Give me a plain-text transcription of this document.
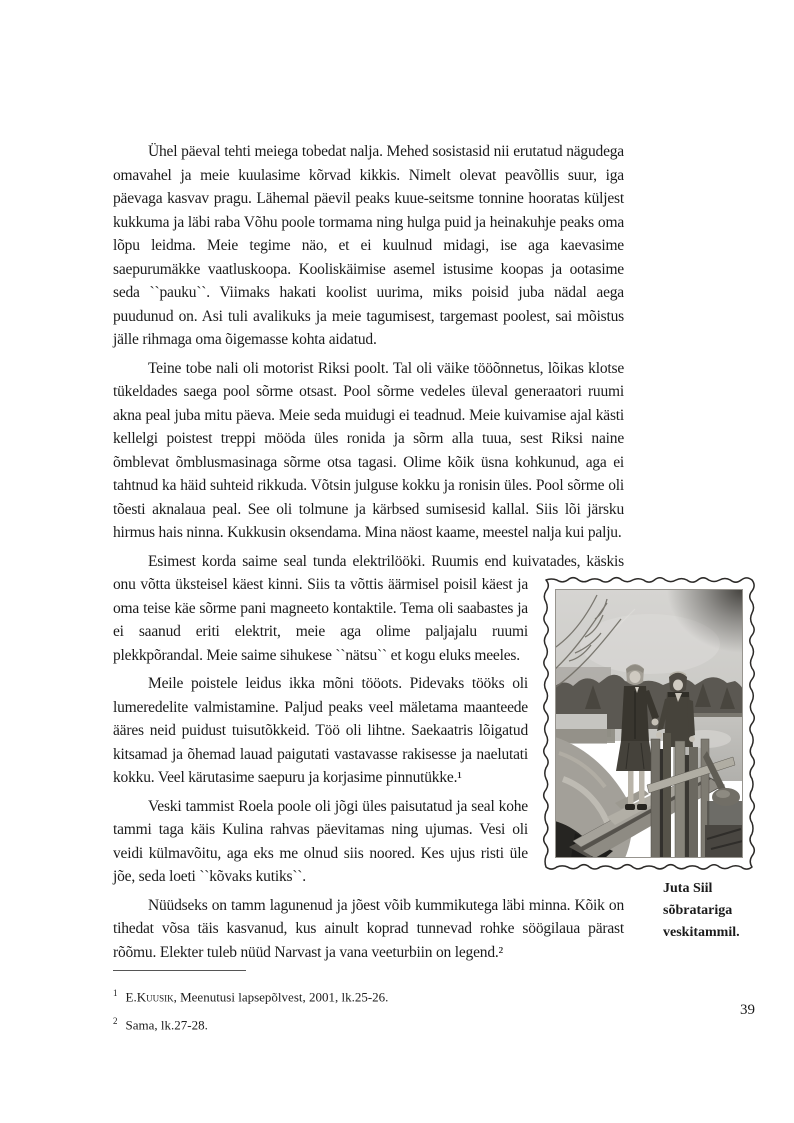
Ühel päeval tehti meiega tobedat nalja. Mehed sosistasid nii erutatud nägudega omavahel ja meie kuulasime kõrvad kikkis. Nimelt olevat peavõllis suur, iga päevaga kasvav pragu. Lähemal päevil peaks kuue-seitsme tonnine hooratas küljest kukkuma ja läbi raba Võhu poole tormama ning hulga puid ja heinakuhje peaks oma lõpu leidma. Meie tegime näo, et ei kuulnud midagi, ise aga kaevasime saepurumäkke vaatluskoopa. Kooliskäimise asemel istusime koopas ja ootasime seda ``pauku``. Viimaks hakati koolist uurima, miks poisid juba nädal aega puudunud on. Asi tuli avalikuks ja meie tagumisest, targemast poolest, sai mõistus jälle rihmaga oma õigemasse kohta aidatud.

Teine tobe nali oli motorist Riksi poolt. Tal oli väike tööõnnetus, lõikas klotse tükeldades saega pool sõrme otsast. Pool sõrme vedeles üleval generaatori ruumi akna peal juba mitu päeva. Meie seda muidugi ei teadnud. Meie kuivamise ajal kästi kellelgi poistest treppi mööda üles ronida ja sõrm alla tuua, sest Riksi naine õmblevat õmblusmasinaga sõrme otsa tagasi. Olime kõik üsna kohkunud, aga ei tahtnud ka häid suhteid rikkuda. Võtsin julguse kokku ja ronisin üles. Pool sõrme oli tõesti aknalaua peal. See oli tolmune ja kärbsed sumisesid kallal. Siis lõi järsku hirmus hais ninna. Kukkusin oksendama. Mina näost kaame, meestel nalja kui palju.

Esimest korda saime seal tunda elektrilööki. Ruumis end kuivatades, käskis
onu võtta üksteisel käest kinni. Siis ta võttis äärmisel poisil käest ja oma teise käe sõrme pani magneeto kontaktile. Tema oli saabastes ja ei saanud eriti elektrit, meie aga olime paljajalu ruumi plekkpõrandal. Meie saime sihukese ``nätsu`` et kogu eluks meeles.

Meile poistele leidus ikka mõni tööots. Pidevaks tööks oli lumeredelite valmistamine. Paljud peaks veel mäletama maanteede ääres neid puidust tuisutõkkeid. Töö oli lihtne. Saekaatris lõigatud kitsamad ja õhemad lauad paigutati vastavasse rakisesse ja naelutati kokku. Veel kärutasime saepuru ja korjasime pinnutükke.¹

Veski tammist Roela poole oli jõgi üles paisutatud ja seal kohe tammi taga käis Kulina rahvas päevitamas ning ujumas. Vesi oli veidi külmavõitu, aga eks me olnud siis noored. Kes ujus risti üle jõe, seda loeti ``kõvaks kutiks``.

Nüüdseks on tamm lagunenud ja jõest võib kummikutega läbi minna. Kõik on tihedat võsa täis kasvanud, kus ainult koprad tunnevad rohke söögilaua pärast rõõmu. Elekter tuleb nüüd Narvast ja vana veeturbiin on legend.²

Juta Siil
sõbratariga
veskitammil.
$^1$ E.Kuusik, Meenutusi lapsepõlvest, 2001, lk.25-26.
$^2$ Sama, lk.27-28.
39
